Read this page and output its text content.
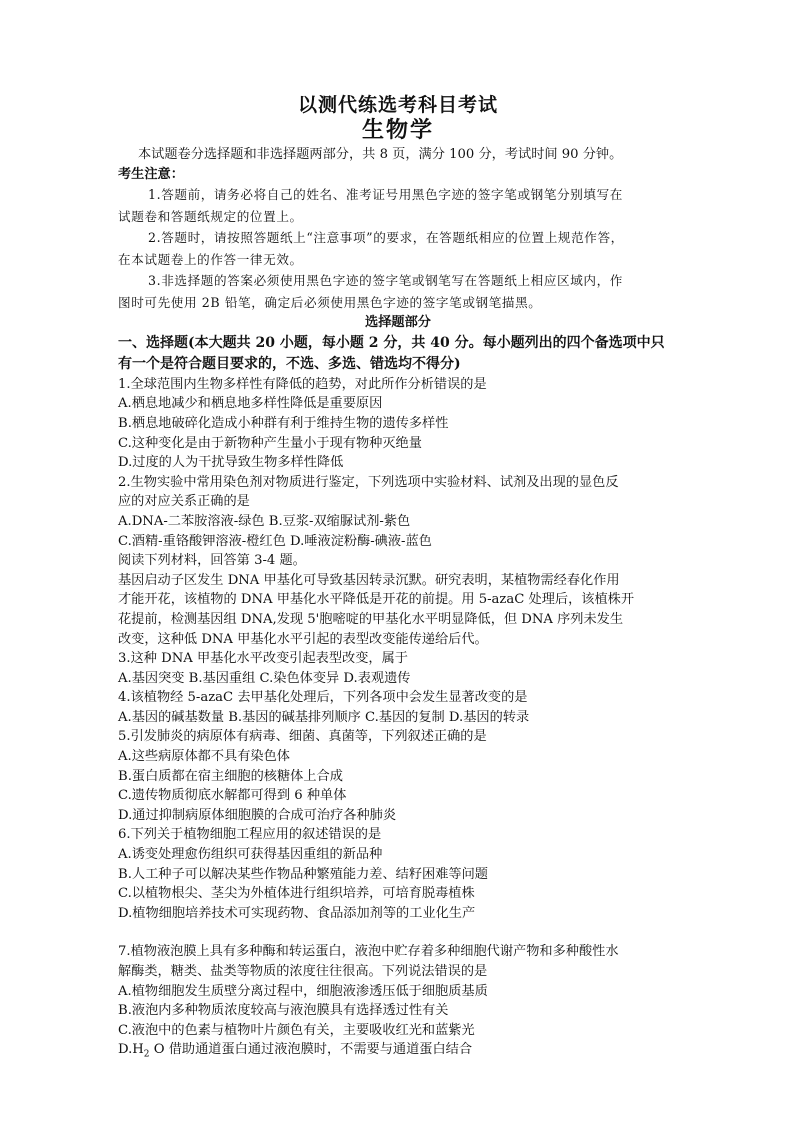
以测代练选考科目考试
生物学
本试题卷分选择题和非选择题两部分，共 8 页，满分 100 分，考试时间 90 分钟。
考生注意：
1.答题前，请务必将自己的姓名、准考证号用黑色字迹的签字笔或钢笔分别填写在
试题卷和答题纸规定的位置上。
2.答题时，请按照答题纸上“注意事项”的要求，在答题纸相应的位置上规范作答，
在本试题卷上的作答一律无效。
3.非选择题的答案必须使用黑色字迹的签字笔或钢笔写在答题纸上相应区域内，作
图时可先使用 2B 铅笔，确定后必须使用黑色字迹的签字笔或钢笔描黑。
选择题部分
一、选择题(本大题共 20 小题，每小题 2 分，共 40 分。每小题列出的四个备选项中只
有一个是符合题目要求的，不选、多选、错选均不得分)
1.全球范围内生物多样性有降低的趋势，对此所作分析错误的是
A.栖息地减少和栖息地多样性降低是重要原因
B.栖息地破碎化造成小种群有利于维持生物的遗传多样性
C.这种变化是由于新物种产生量小于现有物种灭绝量
D.过度的人为干扰导致生物多样性降低
2.生物实验中常用染色剂对物质进行鉴定，下列选项中实验材料、试剂及出现的显色反
应的对应关系正确的是
A.DNA-二苯胺溶液-绿色 B.豆浆-双缩脲试剂-紫色
C.酒精-重铬酸钾溶液-橙红色 D.唾液淀粉酶-碘液-蓝色
阅读下列材料，回答第 3-4 题。
基因启动子区发生 DNA 甲基化可导致基因转录沉默。研究表明，某植物需经春化作用
才能开花，该植物的 DNA 甲基化水平降低是开花的前提。用 5-azaC 处理后，该植株开
花提前，检测基因组 DNA,发现 5'胞嘧啶的甲基化水平明显降低，但 DNA 序列未发生
改变，这种低 DNA 甲基化水平引起的表型改变能传递给后代。
3.这种 DNA 甲基化水平改变引起表型改变，属于
A.基因突变 B.基因重组 C.染色体变异 D.表观遗传
4.该植物经 5-azaC 去甲基化处理后，下列各项中会发生显著改变的是
A.基因的碱基数量 B.基因的碱基排列顺序 C.基因的复制 D.基因的转录
5.引发肺炎的病原体有病毒、细菌、真菌等，下列叙述正确的是
A.这些病原体都不具有染色体
B.蛋白质都在宿主细胞的核糖体上合成
C.遗传物质彻底水解都可得到 6 种单体
D.通过抑制病原体细胞膜的合成可治疗各种肺炎
6.下列关于植物细胞工程应用的叙述错误的是
A.诱变处理愈伤组织可获得基因重组的新品种
B.人工种子可以解决某些作物品种繁殖能力差、结籽困难等问题
C.以植物根尖、茎尖为外植体进行组织培养，可培育脱毒植株
D.植物细胞培养技术可实现药物、食品添加剂等的工业化生产
7.植物液泡膜上具有多种酶和转运蛋白，液泡中贮存着多种细胞代谢产物和多种酸性水
解酶类，糖类、盐类等物质的浓度往往很高。下列说法错误的是
A.植物细胞发生质壁分离过程中，细胞液渗透压低于细胞质基质
B.液泡内多种物质浓度较高与液泡膜具有选择透过性有关
C.液泡中的色素与植物叶片颜色有关，主要吸收红光和蓝紫光
$D.H_2$ O 借助通道蛋白通过液泡膜时，不需要与通道蛋白结合
